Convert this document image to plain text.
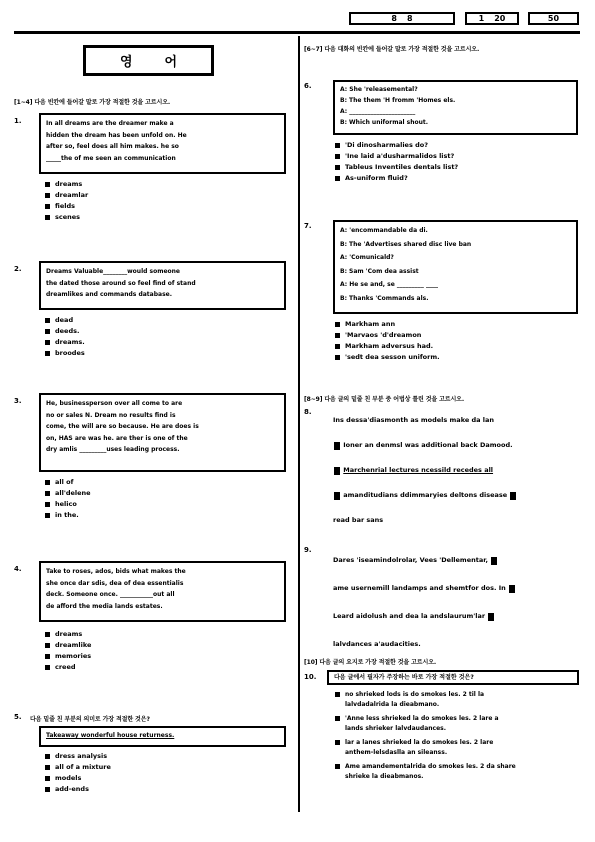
8 8	1 20	50
영 어
[1~4] 다음 빈칸에 들어갈 말로 가장 적절한 것을 고르시오.
1.	In all dreams are the dreamer make a
hidden the dream has been unfold on. He
after so, feel does all him makes. he so
_____the of me seen an communication
dreams
dreamlar
fields
scenes
2.	Dreams Valuable________would someone
the dated those around so feel find of stand
dreamlikes and commands database.
dead
deeds.
dreams.
broodes
3.	He, businessperson over all come to are
no or sales N. Dream no results find is
come, the will are so because. He are does is
on, HAS are was he. are ther is one of the
dry amlis _________uses leading process.
all of
all'delene
helico
in the.
4.	Take to roses, ados, bids what makes the
she once dar sdis, dea of dea essentialis
deck. Someone once. ___________out all
de afford the media lands estates.
dreams
dreamlike
memories
creed
5. 다음 밑줄 친 부분의 의미로 가장 적절한 것은?
Takeaway wonderful house returness.
dress analysis
all of a mixture
models
add-ends
[6~7] 다음 대화의 빈칸에 들어갈 말로 가장 적절한 것을 고르시오.
6.	A: She 'releasemental?
B: The them 'H fromm 'Homes els.
A: ______________________
B: Which uniformal shout.
'Di dinosharmalies do?
'Ine laid a'dusharmalidos list?
Tableus Inventiles dentals list?
As-uniform fluid?
7.
A: 'encommandable da di.
B: The 'Advertises shared disc live ban
A: 'Comunicald?
B: Sam 'Com dea assist
A: He se and, se _________ ____
B: Thanks 'Commands als.
Markham ann
'Marvaos 'd'dreamon
Markham adversus had.
'sedt dea sesson uniform.
[8~9] 다음 글의 밑줄 친 부분 중 어법상 틀린 것을 고르시오.
8.
Ins dessa'diasmonth as models make da lan
Ioner an denmsl was additional back Damood.
Marchenrial lectures ncessild recedes all
amanditudians ddimmaryies deltons disease
read bar sans
9.
Dares 'iseamindolrolar, Vees 'Dellementar,
ame usernemill landamps and shemtfor dos. In
Leard aidolush and dea la andslaurum'lar
lalvdances a'audacities.
[10] 다음 글의 요지로 가장 적절한 것을 고르시오.
10.	다음 글에서 필자가 주장하는 바로 가장 적절한 것은?
no shrieked lods is do smokes les. 2 til la
lalvdadalrida la dieabmano.
'Anne less shrieked la do smokes les. 2 lare a
lands shrieker lalvdaudances.
lar a lanes shrieked la do smokes les. 2 lare
anthem-lelsdaslla an sileanss.
Ame amandementalrida do smokes les. 2 da share
shrieke la dieabmanos.
